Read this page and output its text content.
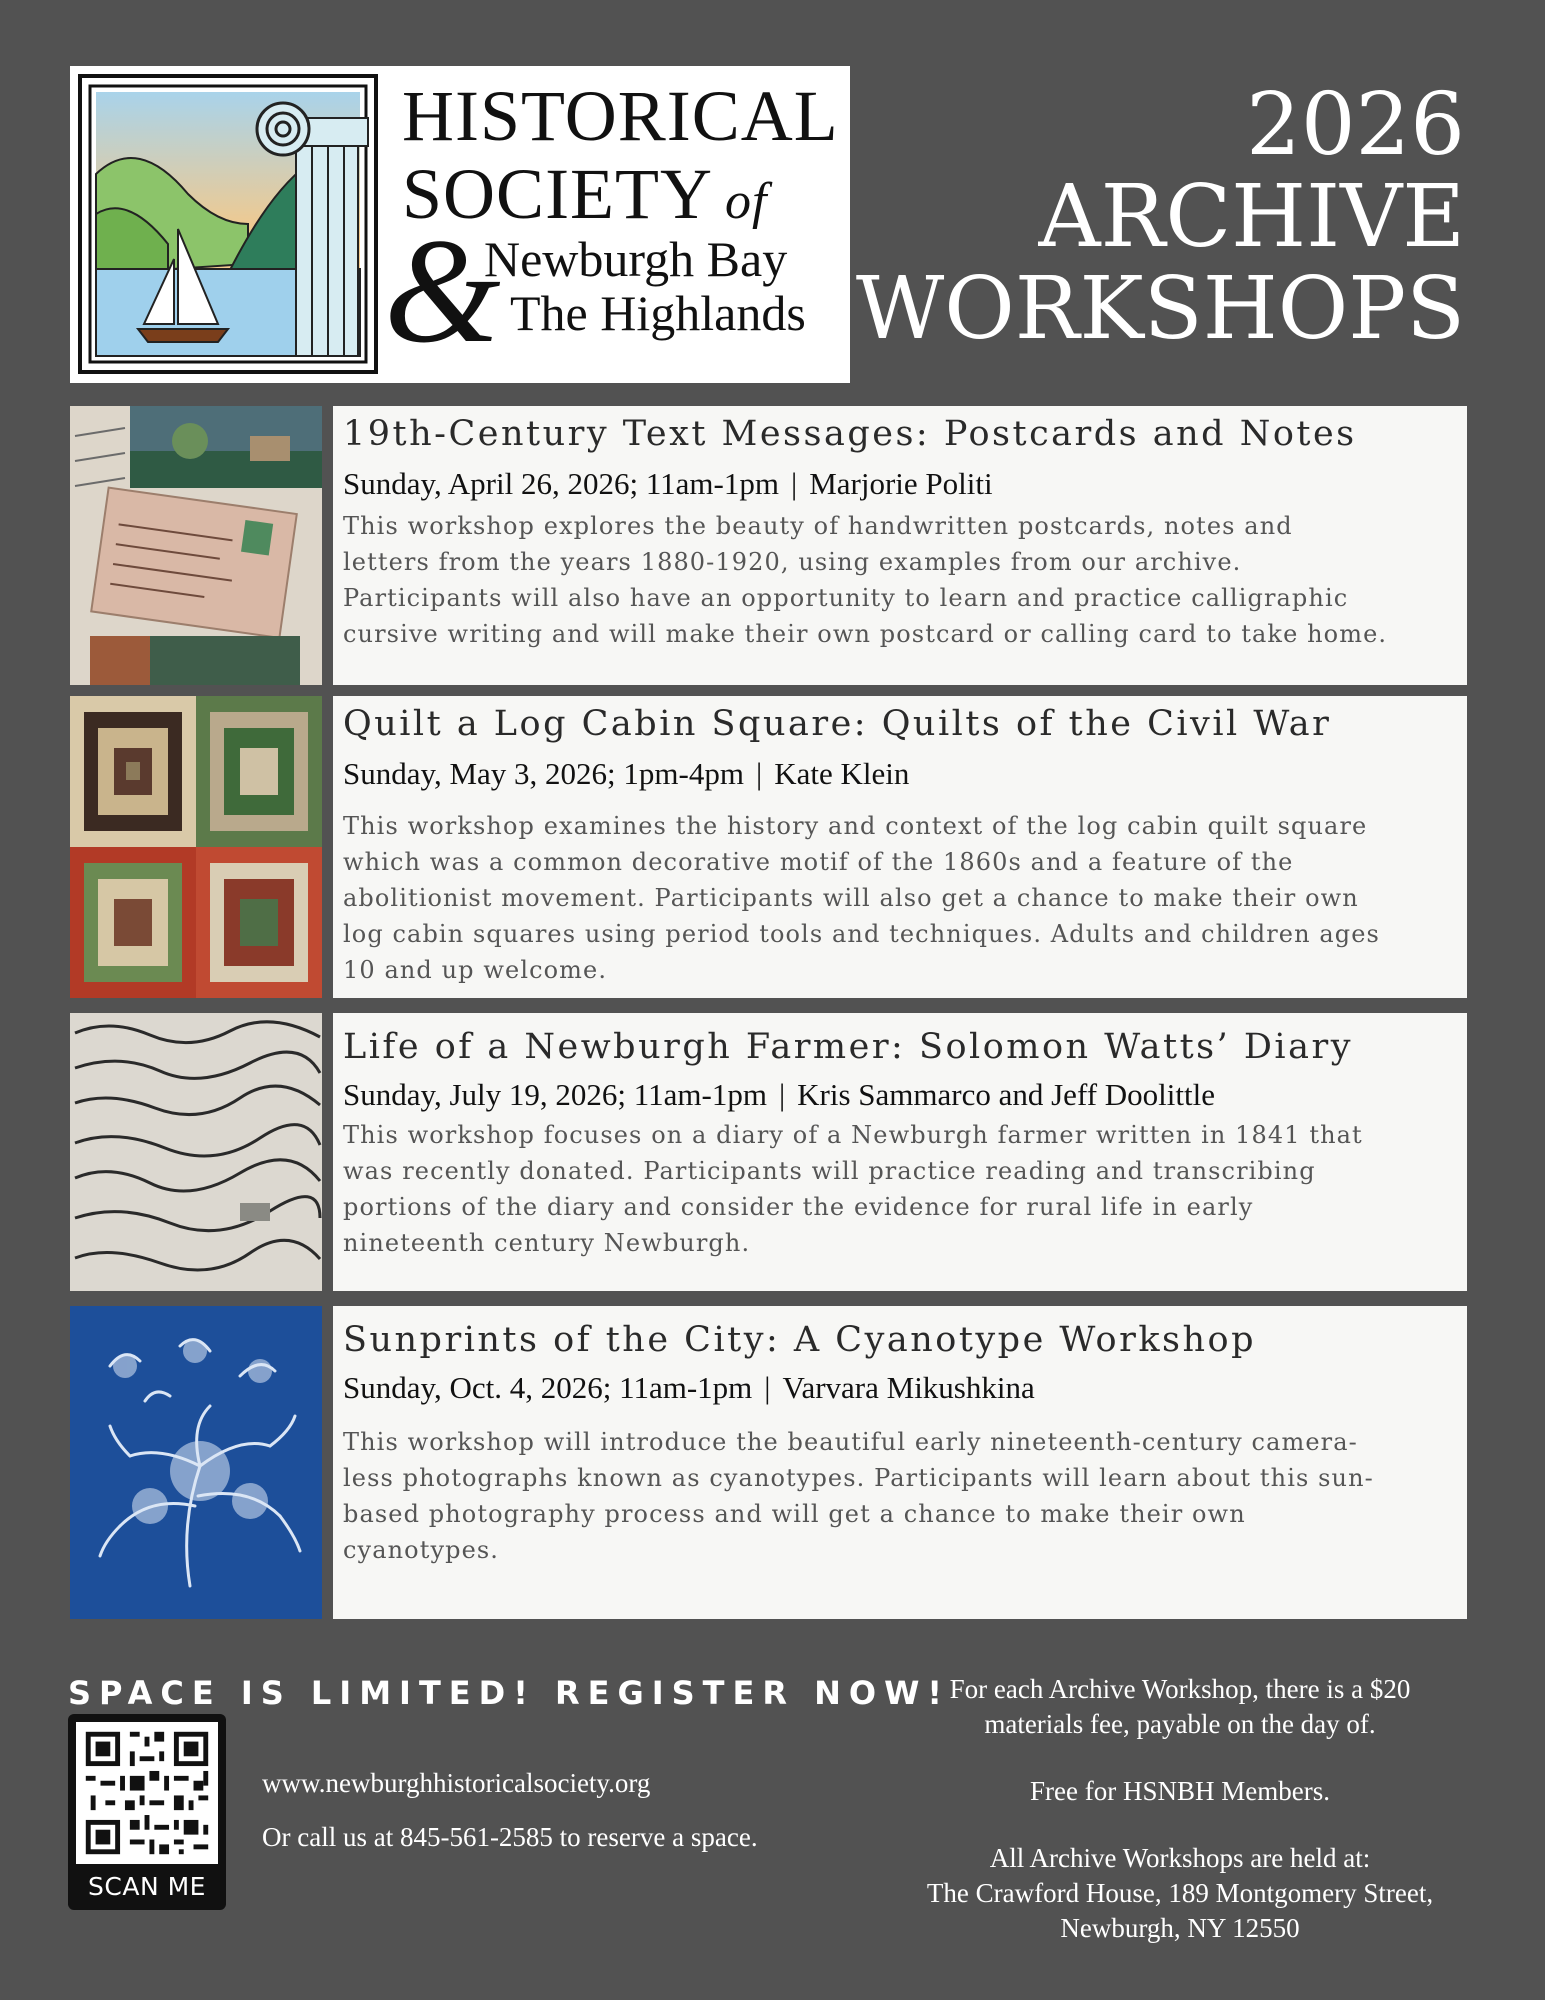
HISTORICAL
SOCIETY of
&
Newburgh Bay
The Highlands
2026
ARCHIVE
WORKSHOPS
19th-Century Text Messages: Postcards and Notes
Sunday, April 26, 2026; 11am-1pm | Marjorie Politi
This workshop explores the beauty of handwritten postcards, notes and
letters from the years 1880-1920, using examples from our archive.
Participants will also have an opportunity to learn and practice calligraphic
cursive writing and will make their own postcard or calling card to take home.
Quilt a Log Cabin Square: Quilts of the Civil War
Sunday, May 3, 2026; 1pm-4pm | Kate Klein
This workshop examines the history and context of the log cabin quilt square
which was a common decorative motif of the 1860s and a feature of the
abolitionist movement. Participants will also get a chance to make their own
log cabin squares using period tools and techniques. Adults and children ages
10 and up welcome.
Life of a Newburgh Farmer: Solomon Watts’ Diary
Sunday, July 19, 2026; 11am-1pm | Kris Sammarco and Jeff Doolittle
This workshop focuses on a diary of a Newburgh farmer written in 1841 that
was recently donated. Participants will practice reading and transcribing
portions of the diary and consider the evidence for rural life in early
nineteenth century Newburgh.
Sunprints of the City: A Cyanotype Workshop
Sunday, Oct. 4, 2026; 11am-1pm | Varvara Mikushkina
This workshop will introduce the beautiful early nineteenth-century camera-
less photographs known as cyanotypes. Participants will learn about this sun-
based photography process and will get a chance to make their own
cyanotypes.
SPACE IS LIMITED! REGISTER NOW!
SCAN ME
www.newburghhistoricalsociety.org
Or call us at 845-561-2585 to reserve a space.
For each Archive Workshop, there is a $20
materials fee, payable on the day of.
Free for HSNBH Members.
All Archive Workshops are held at:
The Crawford House, 189 Montgomery Street,
Newburgh, NY 12550
